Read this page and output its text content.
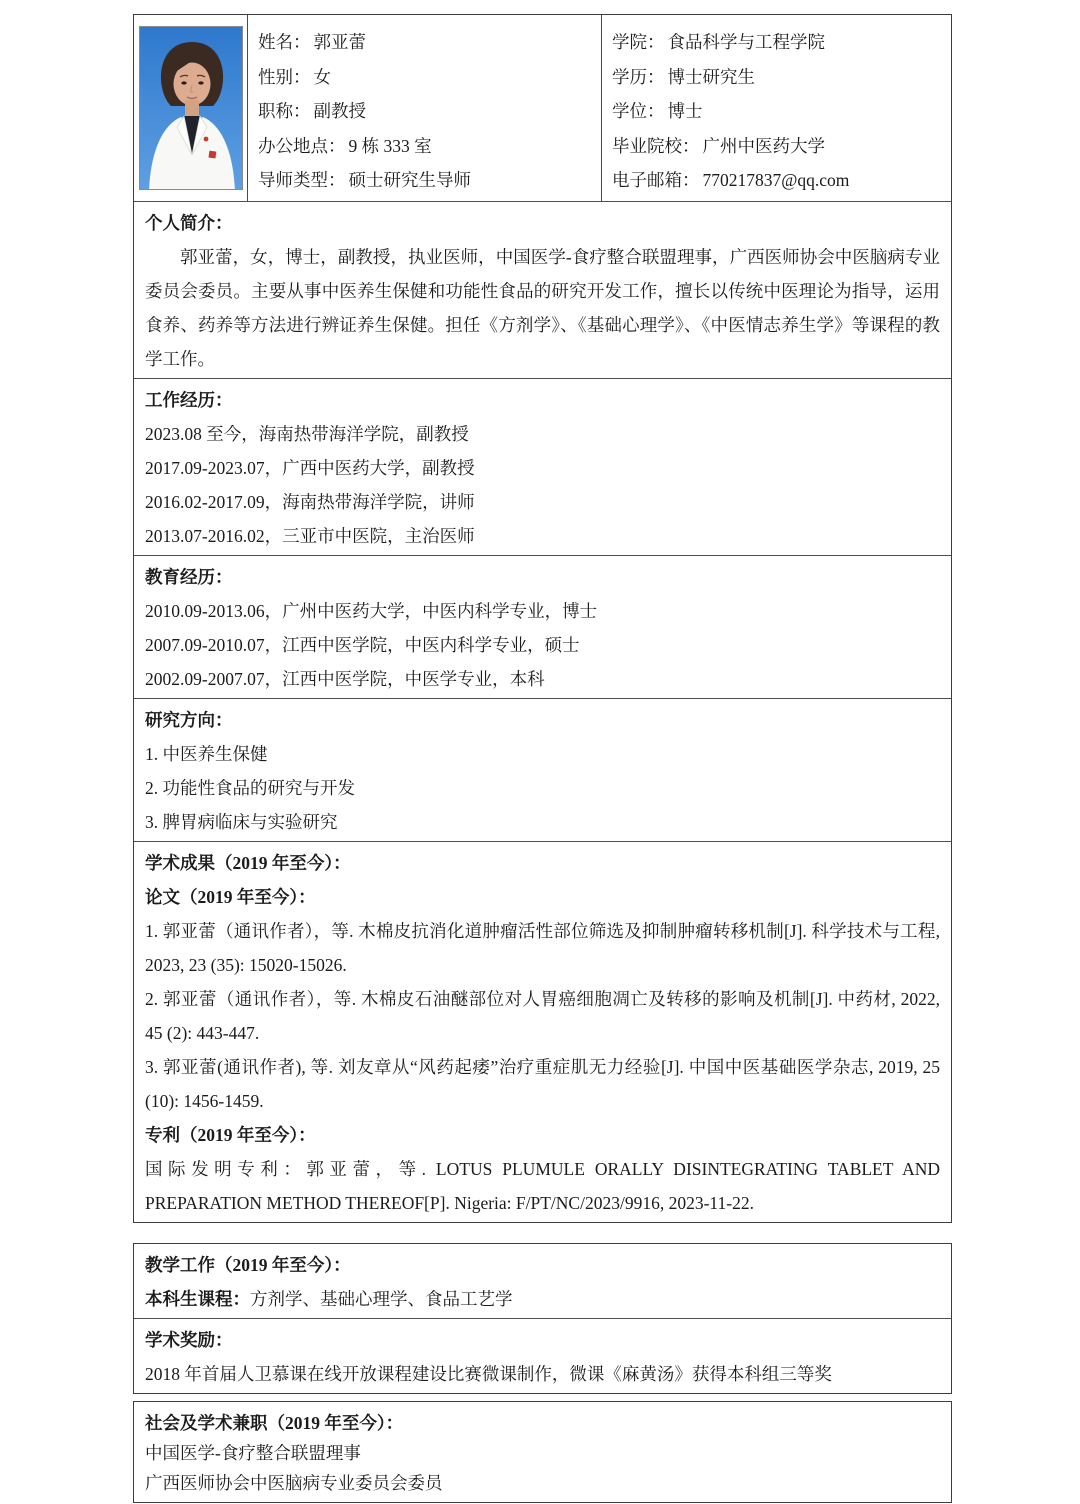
姓名： 郭亚蕾
性别： 女
职称： 副教授
办公地点： 9 栋 333 室
导师类型： 硕士研究生导师
学院： 食品科学与工程学院
学历： 博士研究生
学位： 博士
毕业院校： 广州中医药大学
电子邮箱： 770217837@qq.com
个人简介：

郭亚蕾，女，博士，副教授，执业医师，中国医学-食疗整合联盟理事，广西医师协会中医脑病专业委员会委员。主要从事中医养生保健和功能性食品的研究开发工作，擅长以传统中医理论为指导，运用食养、药养等方法进行辨证养生保健。担任《方剂学》、《基础心理学》、《中医情志养生学》等课程的教学工作。

工作经历：
2023.08 至今，海南热带海洋学院，副教授
2017.09-2023.07，广西中医药大学，副教授
2016.02-2017.09，海南热带海洋学院，讲师
2013.07-2016.02，三亚市中医院，主治医师
教育经历：
2010.09-2013.06，广州中医药大学，中医内科学专业，博士
2007.09-2010.07，江西中医学院，中医内科学专业，硕士
2002.09-2007.07，江西中医学院，中医学专业，本科
研究方向：
1. 中医养生保健
2. 功能性食品的研究与开发
3. 脾胃病临床与实验研究
学术成果（2019 年至今）：
论文（2019 年至今）：

1. 郭亚蕾（通讯作者），等. 木棉皮抗消化道肿瘤活性部位筛选及抑制肿瘤转移机制[J]. 科学技术与工程, 2023, 23 (35): 15020-15026.

2. 郭亚蕾（通讯作者），等. 木棉皮石油醚部位对人胃癌细胞凋亡及转移的影响及机制[J]. 中药材, 2022, 45 (2): 443-447.

3. 郭亚蕾(通讯作者), 等. 刘友章从“风药起痿”治疗重症肌无力经验[J]. 中国中医基础医学杂志, 2019, 25 (10): 1456-1459.

专利（2019 年至今）：

国际发明专利：郭亚蕾，等. LOTUS PLUMULE ORALLY DISINTEGRATING TABLET AND PREPARATION METHOD THEREOF[P]. Nigeria: F/PT/NC/2023/9916, 2023-11-22.

教学工作（2019 年至今）：
本科生课程：方剂学、基础心理学、食品工艺学
学术奖励：
2018 年首届人卫慕课在线开放课程建设比赛微课制作，微课《麻黄汤》获得本科组三等奖
社会及学术兼职（2019 年至今）：
中国医学-食疗整合联盟理事
广西医师协会中医脑病专业委员会委员
